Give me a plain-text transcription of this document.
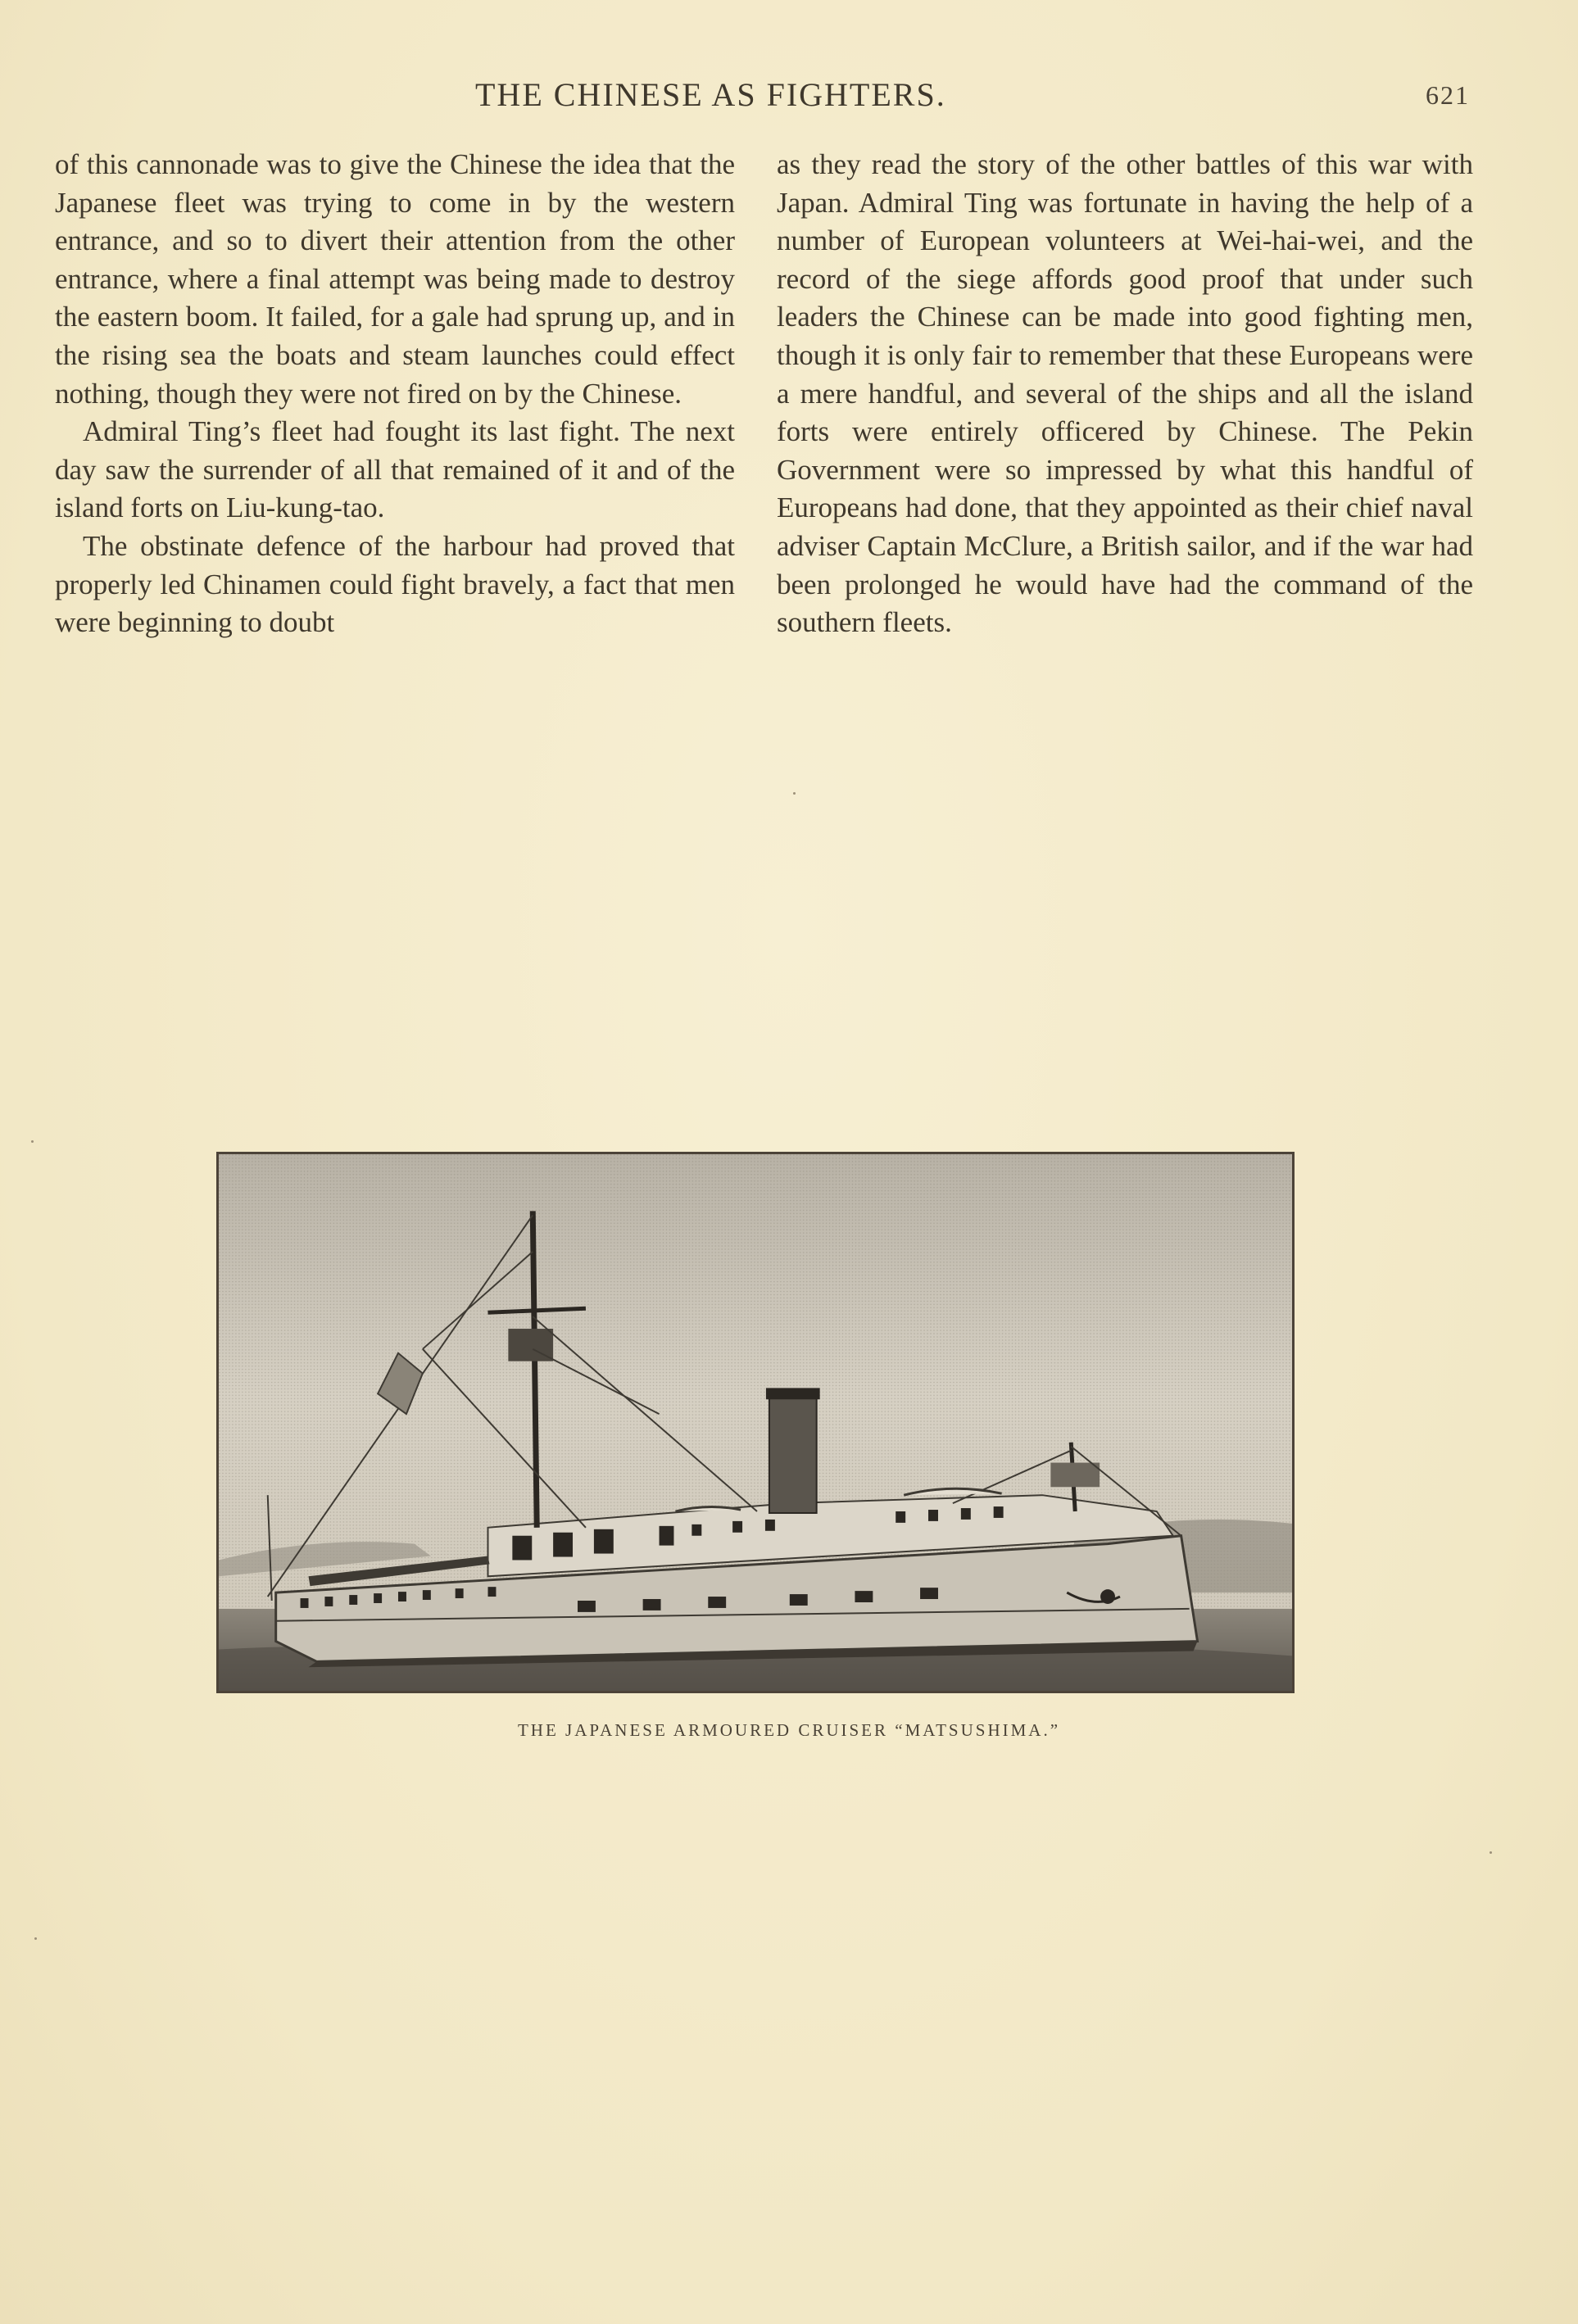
THE CHINESE AS FIGHTERS.	621

of this cannonade was to give the Chinese the idea that the Japanese fleet was trying to come in by the western entrance, and so to divert their attention from the other entrance, where a final attempt was being made to destroy the eastern boom. It failed, for a gale had sprung up, and in the rising sea the boats and steam launches could effect nothing, though they were not fired on by the Chinese.

Admiral Ting’s fleet had fought its last fight. The next day saw the surrender of all that remained of it and of the island forts on Liu-kung-tao.

The obstinate defence of the harbour had proved that properly led Chinamen could fight bravely, a fact that men were beginning to doubt

as they read the story of the other battles of this war with Japan. Admiral Ting was fortunate in having the help of a number of European volunteers at Wei-hai-wei, and the record of the siege affords good proof that under such leaders the Chinese can be made into good fighting men, though it is only fair to remember that these Europeans were a mere handful, and several of the ships and all the island forts were entirely officered by Chinese. The Pekin Government were so impressed by what this handful of Europeans had done, that they appointed as their chief naval adviser Captain McClure, a British sailor, and if the war had been prolonged he would have had the command of the southern fleets.

THE JAPANESE ARMOURED CRUISER “MATSUSHIMA.”
